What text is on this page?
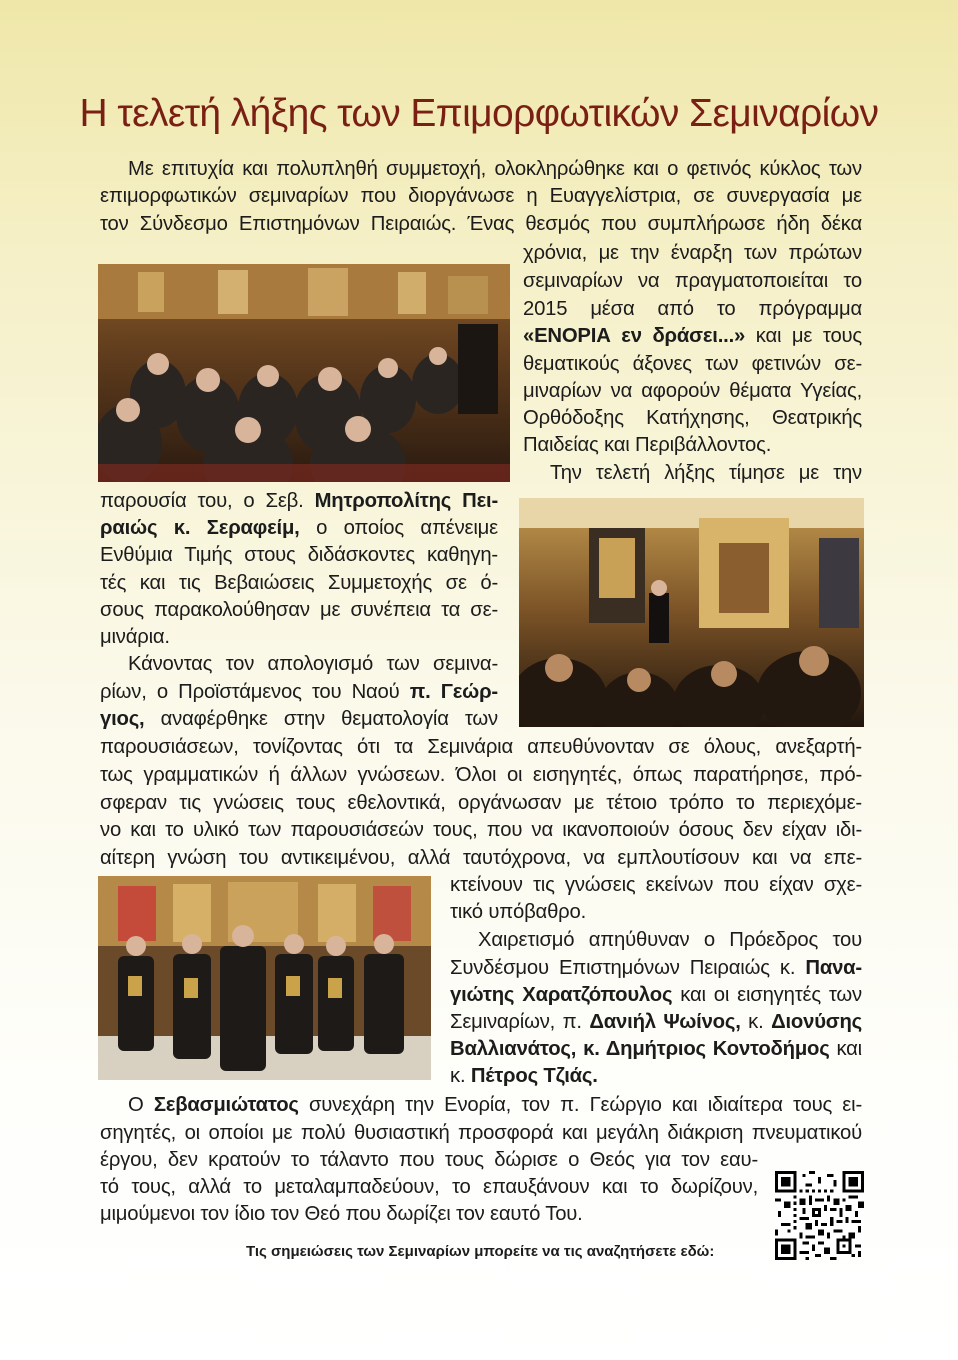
Η τελετή λήξης των Επιμορφωτικών Σεμιναρίων
Με επιτυχία και πολυπληθή συμμετοχή, ολοκληρώθηκε και ο φετινός κύκλος των
επιμορφωτικών σεμιναρίων που διοργάνωσε η Ευαγγελίστρια, σε συνεργασία με
τον Σύνδεσμο Επιστημόνων Πειραιώς. Ένας θεσμός που συμπλήρωσε ήδη δέκα
χρόνια, με την έναρξη των πρώτων
σεμιναρίων να πραγματοποιείται το
2015 μέσα από το πρόγραμμα
«ΕΝΟΡΙΑ εν δράσει...» και με τους
θεματικούς άξονες των φετινών σε-
μιναρίων να αφορούν θέματα Υγείας,
Ορθόδοξης Κατήχησης, Θεατρικής
Παιδείας και Περιβάλλοντος.
Την τελετή λήξης τίμησε με την
παρουσία του, ο Σεβ. Μητροπολίτης Πει-
ραιώς κ. Σεραφείμ, ο οποίος απένειμε
Ενθύμια Τιμής στους διδάσκοντες καθηγη-
τές και τις Βεβαιώσεις Συμμετοχής σε ό-
σους παρακολούθησαν με συνέπεια τα σε-
μινάρια.
Κάνοντας τον απολογισμό των σεμινα-
ρίων, ο Προϊστάμενος του Ναού π. Γεώρ-
γιος, αναφέρθηκε στην θεματολογία των
παρουσιάσεων, τονίζοντας ότι τα Σεμινάρια απευθύνονταν σε όλους, ανεξαρτή-
τως γραμματικών ή άλλων γνώσεων. Όλοι οι εισηγητές, όπως παρατήρησε, πρό-
σφεραν τις γνώσεις τους εθελοντικά, οργάνωσαν με τέτοιο τρόπο το περιεχόμε-
νο και το υλικό των παρουσιάσεών τους, που να ικανοποιούν όσους δεν είχαν ιδι-
αίτερη γνώση του αντικειμένου, αλλά ταυτόχρονα, να εμπλουτίσουν και να επε-
κτείνουν τις γνώσεις εκείνων που είχαν σχε-
τικό υπόβαθρο.
Χαιρετισμό απηύθυναν ο Πρόεδρος του
Συνδέσμου Επιστημόνων Πειραιώς κ. Πανα-
γιώτης Χαρατζόπουλος και οι εισηγητές των
Σεμιναρίων, π. Δανιήλ Ψωίνος, κ. Διονύσης
Βαλλιανάτος, κ. Δημήτριος Κοντοδήμος και
κ. Πέτρος Τζιάς.
Ο Σεβασμιώτατος συνεχάρη την Ενορία, τον π. Γεώργιο και ιδιαίτερα τους ει-
σηγητές, οι οποίοι με πολύ θυσιαστική προσφορά και μεγάλη διάκριση πνευματικού
έργου, δεν κρατούν το τάλαντο που τους δώρισε ο Θεός για τον εαυ-
τό τους, αλλά το μεταλαμπαδεύουν, το επαυξάνουν και το δωρίζουν,
μιμούμενοι τον ίδιο τον Θεό που δωρίζει τον εαυτό Του.
Τις σημειώσεις των Σεμιναρίων μπορείτε να τις αναζητήσετε εδώ:
